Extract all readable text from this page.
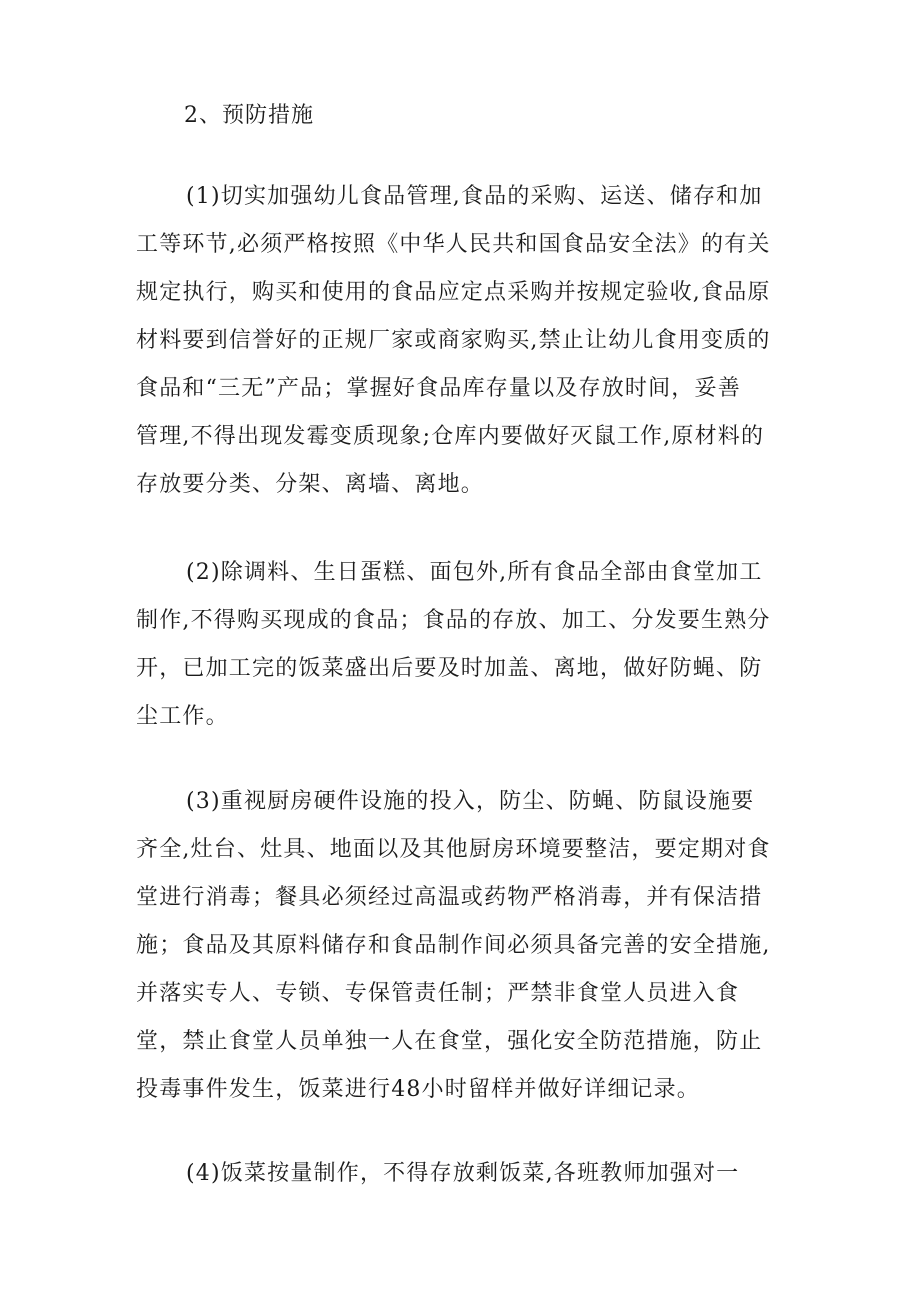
2、预防措施
(1)切实加强幼儿食品管理,食品的采购、运送、储存和加
工等环节,必须严格按照《中华人民共和国食品安全法》的有关
规定执行，购买和使用的食品应定点采购并按规定验收,食品原
材料要到信誉好的正规厂家或商家购买,禁止让幼儿食用变质的
食品和“三无”产品；掌握好食品库存量以及存放时间，妥善
管理,不得出现发霉变质现象;仓库内要做好灭鼠工作,原材料的
存放要分类、分架、离墙、离地。
(2)除调料、生日蛋糕、面包外,所有食品全部由食堂加工
制作,不得购买现成的食品；食品的存放、加工、分发要生熟分
开，已加工完的饭菜盛出后要及时加盖、离地，做好防蝇、防
尘工作。
(3)重视厨房硬件设施的投入，防尘、防蝇、防鼠设施要
齐全,灶台、灶具、地面以及其他厨房环境要整洁，要定期对食
堂进行消毒；餐具必须经过高温或药物严格消毒，并有保洁措
施；食品及其原料储存和食品制作间必须具备完善的安全措施,
并落实专人、专锁、专保管责任制；严禁非食堂人员进入食
堂，禁止食堂人员单独一人在食堂，强化安全防范措施，防止
投毒事件发生，饭菜进行48小时留样并做好详细记录。
(4)饭菜按量制作，不得存放剩饭菜,各班教师加强对一
